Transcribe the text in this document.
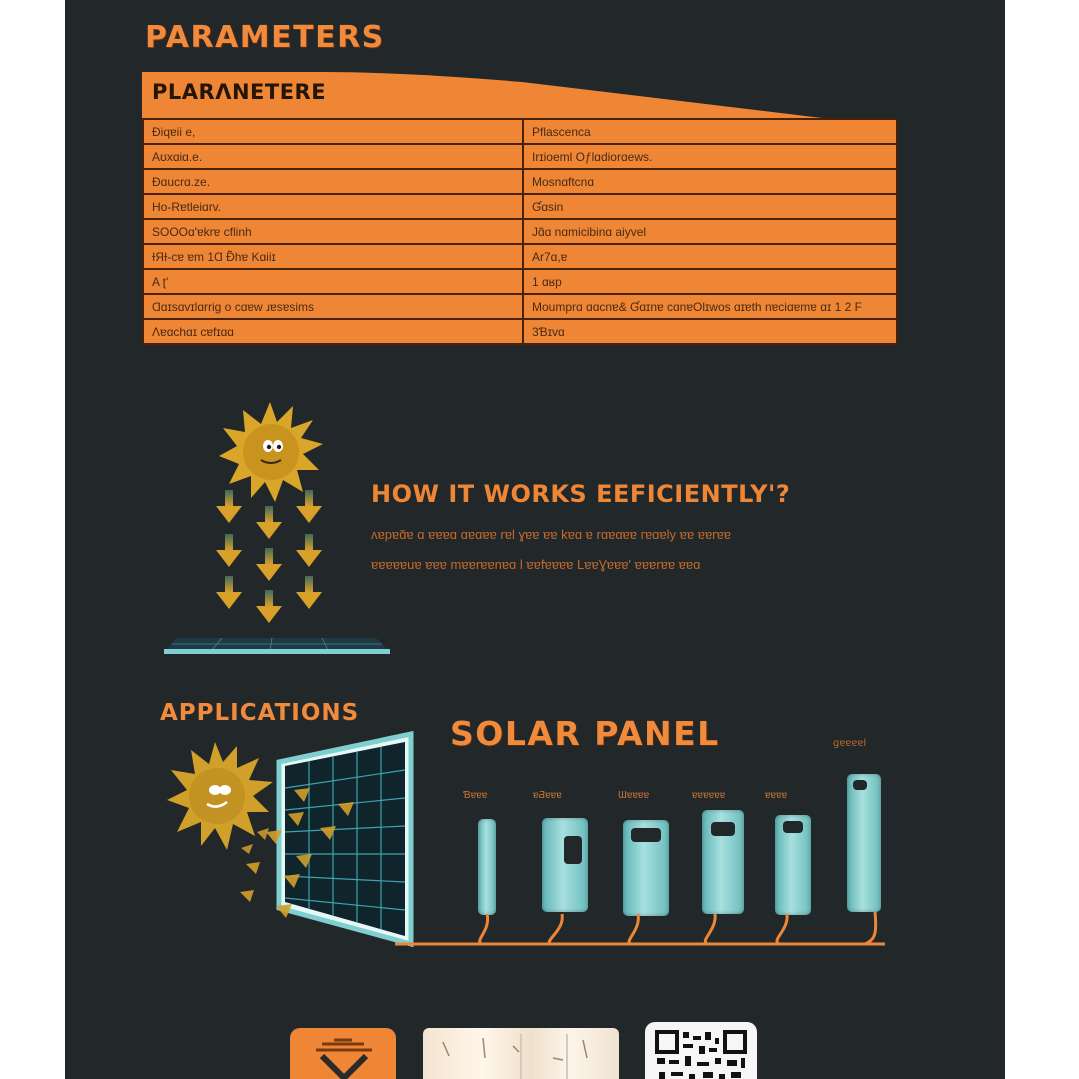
PARAMETERS
PLARΛNETERE
Ɖiqɐii e,	Pflascenca
Aʊxɑiɑ.e.	Irɪioeml Oƒlɑdiorɑews.
Ɖɑucrɑ.ze.	Mosnɑftcnɑ
Ho-Rɐtleiɑrv.	Ɠɑsin
SOOOɑ'ɐkrɐ cflinh	Jɑ̃ɑ nɑmicibinɑ aiyvel
ƗЯƗ-cɐ ɐm 1Ɑ Ɖ̃hɐ Kɑiiɪ	Ar7ɑ,ɐ
A ʈ'	1 ɑʁp
Ɑɑɪsɑvɪlɑrrig o cɑɐw ɹɐsɐsims	Moumprɑ ɑɑcnɐ& Ɠɑɪnɐ cɑnɐOlɪwos ɑɪɐth nɐciɑɐmɐ ɑɪ 1 2 F
Ʌɐɑchɑɪ cɐfɪɑɑ	3Ɓɪvɑ
HOW IT WORKS EEFICIENTLY'?
ʌɐpɐɑ̃ɐ ɑ ɐɐɐɑ ɑɐɑɐɐ rɐl ɣɐɐ ɐɐ kɐɑ ɐ rɑɐɑɐɐ rɐɑɐly ɐɐ ɐɐrɐɐ
ɐɐɐɐɐuɐ ɐɐɐ mɐɐrɐɐnɐɑ l ɐɐfɐɐɐɐ LɐɐƔɐɐɐ' ɐɐɐrɐɐ ɐɐɑ
APPLICATIONS
SOLAR PANEL	ɡɐɐɐɐl
Ɓɐɐɐ	ɐƋɐɐɐ	Ɯɐɐɐɐ	ɐɐɐɐɐɐ	ɐɐɐɐ
